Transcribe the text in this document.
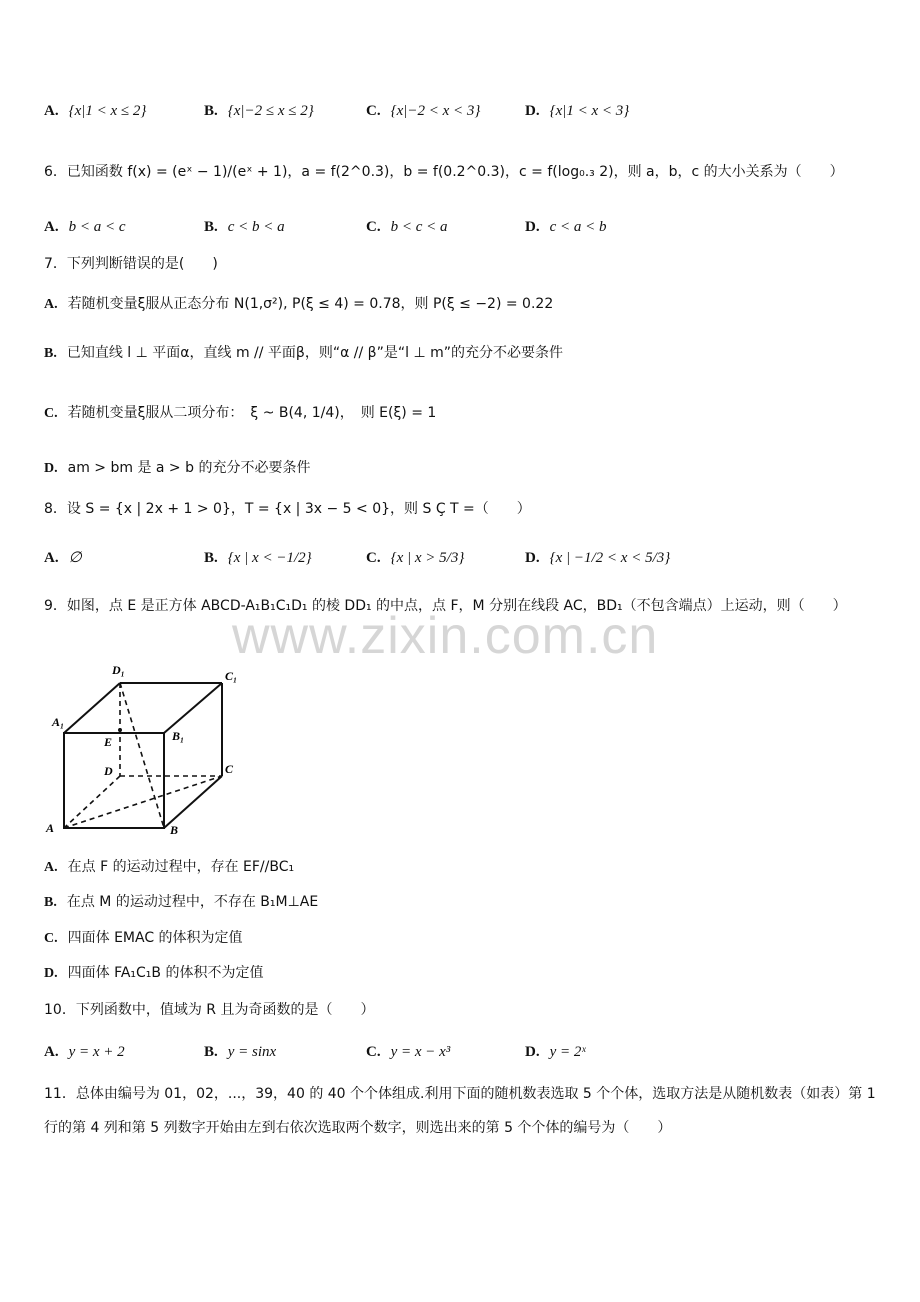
A. {x|1 < x ≤ 2}	B. {x|−2 ≤ x ≤ 2}	C. {x|−2 < x < 3}	D. {x|1 < x < 3}
6．已知函数 f(x) = (eˣ − 1)/(eˣ + 1)，a = f(2^0.3)，b = f(0.2^0.3)，c = f(log₀.₃ 2)，则 a，b，c 的大小关系为（　　）
A. b < a < c	B. c < b < a	C. b < c < a	D. c < a < b
7．下列判断错误的是(　　)
A. 若随机变量ξ服从正态分布 N(1,σ²), P(ξ ≤ 4) = 0.78，则 P(ξ ≤ −2) = 0.22
B. 已知直线 l ⊥ 平面α，直线 m // 平面β，则“α // β”是“l ⊥ m”的充分不必要条件
C. 若随机变量ξ服从二项分布：　ξ ~ B(4, 1/4)，　则 E(ξ) = 1
D. am > bm 是 a > b 的充分不必要条件
8．设 S = {x | 2x + 1 > 0}，T = {x | 3x − 5 < 0}，则 S Ç T =（　　）
A. ∅	B. {x | x < −1/2}	C. {x | x > 5/3}	D. {x | −1/2 < x < 5/3}
9．如图，点 E 是正方体 ABCD-A₁B₁C₁D₁ 的棱 DD₁ 的中点，点 F，M 分别在线段 AC，BD₁（不包含端点）上运动，则（　　）
www.zixin.com.cn
D₁	C₁
A₁
B₁
E
D	C
A	B
A. 在点 F 的运动过程中，存在 EF//BC₁
B. 在点 M 的运动过程中，不存在 B₁M⊥AE
C. 四面体 EMAC 的体积为定值
D. 四面体 FA₁C₁B 的体积不为定值
10．下列函数中，值域为 R 且为奇函数的是（　　）
A. y = x + 2	B. y = sinx	C. y = x − x³	D. y = 2ˣ
11．总体由编号为 01，02，...，39，40 的 40 个个体组成.利用下面的随机数表选取 5 个个体，选取方法是从随机数表（如表）第 1 行的第 4 列和第 5 列数字开始由左到右依次选取两个数字，则选出来的第 5 个个体的编号为（　　）
